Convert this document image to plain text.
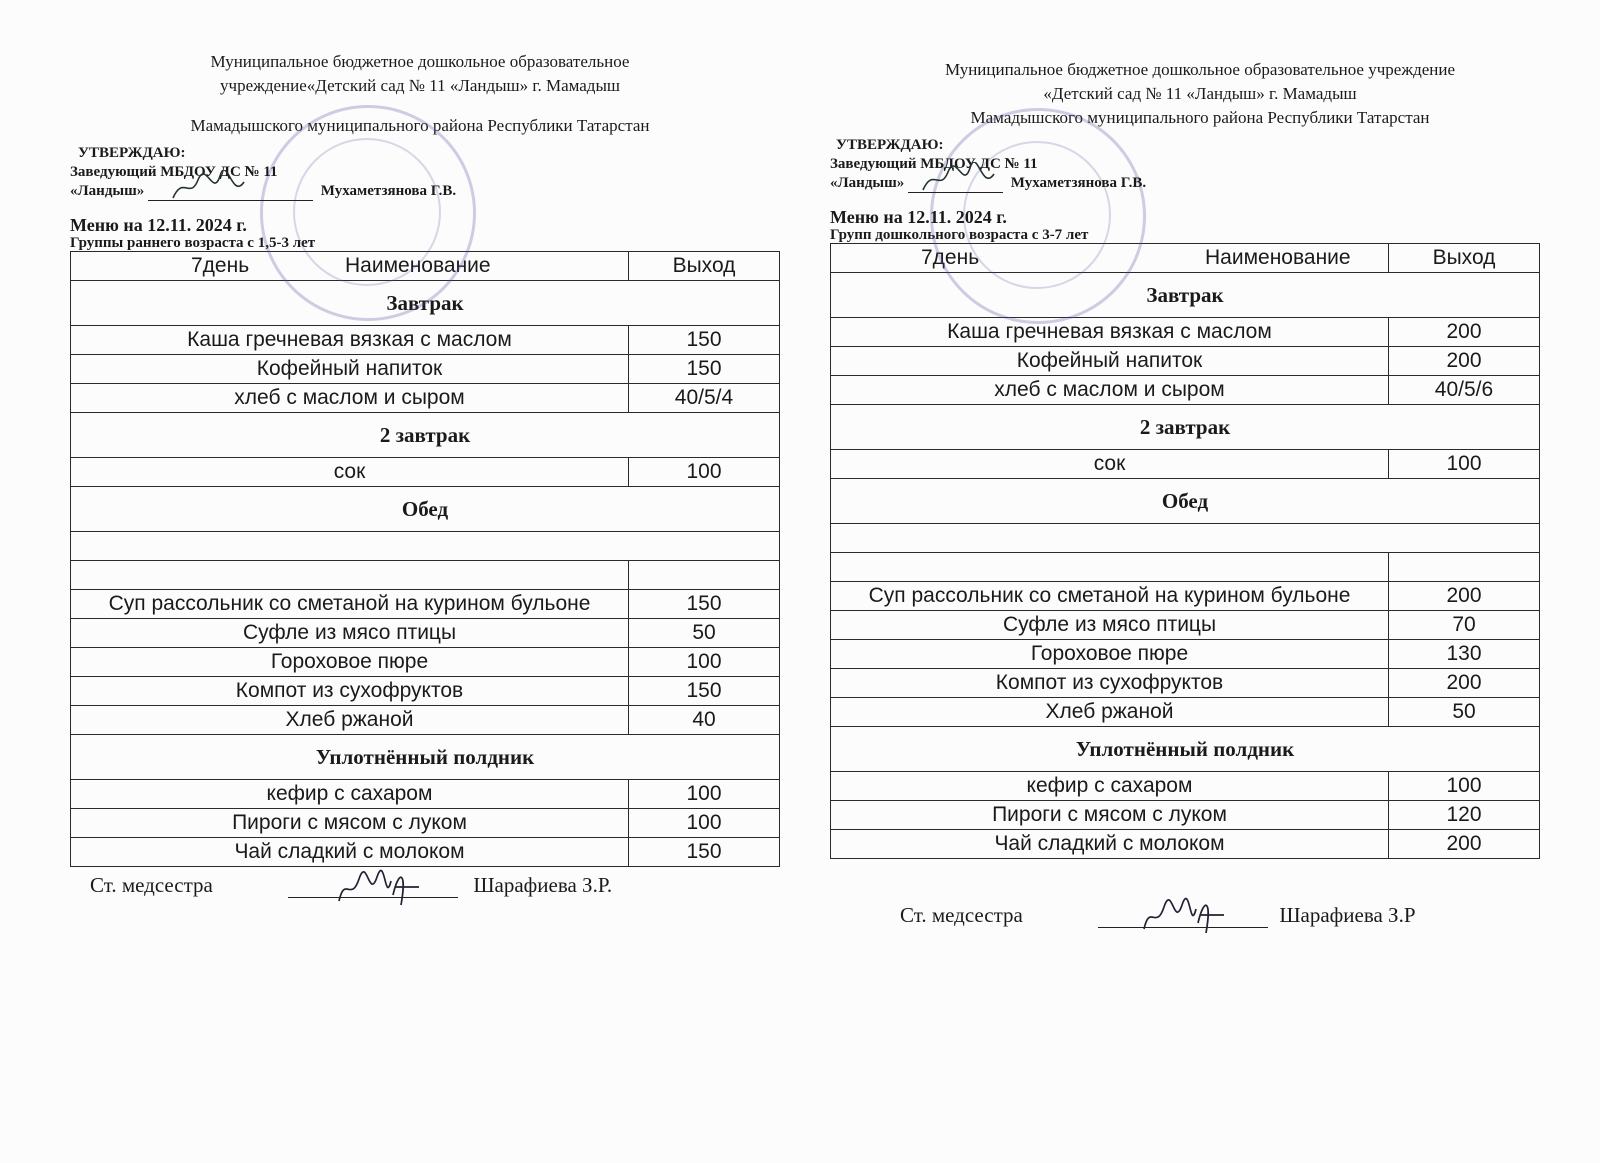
Муниципальное бюджетное дошкольное образовательное
учреждение«Детский сад № 11 «Ландыш» г. Мамадыш
Мамадышского муниципального района Республики Татарстан
УТВЕРЖДАЮ:
Заведующий МБДОУ ДС № 11
«Ландыш»	Мухаметзянова Г.В.
Меню на 12.11. 2024 г.
Группы раннего возраста с 1,5-3 лет
7день	Наименование	Выход
Завтрак		
Каша гречневая вязкая с маслом		150
Кофейный напиток		150
хлеб с маслом и сыром		40/5/4
2 завтрак		
сок		100
Обед		

Суп рассольник со сметаной на курином бульоне		150
Суфле из мясо птицы		50
Гороховое пюре		100
Компот из сухофруктов		150
Хлеб ржаной		40
Уплотнённый полдник		
кефир с сахаром		100
Пироги с мясом с луком		100
Чай сладкий с молоком		150
Ст. медсестра	Шарафиева З.Р.
Муниципальное бюджетное дошкольное образовательное учреждение
«Детский сад № 11 «Ландыш» г. Мамадыш
Мамадышского муниципального района Республики Татарстан
УТВЕРЖДАЮ:
Заведующий МБДОУ ДС № 11
«Ландыш»	Мухаметзянова Г.В.
Меню на 12.11. 2024 г.
Групп дошкольного возраста с 3-7 лет
7день	Наименование	Выход
Завтрак		
Каша гречневая вязкая с маслом		200
Кофейный напиток		200
хлеб с маслом и сыром		40/5/6
2 завтрак		
сок		100
Обед		

Суп рассольник со сметаной на курином бульоне		200
Суфле из мясо птицы		70
Гороховое пюре		130
Компот из сухофруктов		200
Хлеб ржаной		50
Уплотнённый полдник		
кефир с сахаром		100
Пироги с мясом с луком		120
Чай сладкий с молоком		200
Ст. медсестра	Шарафиева З.Р
